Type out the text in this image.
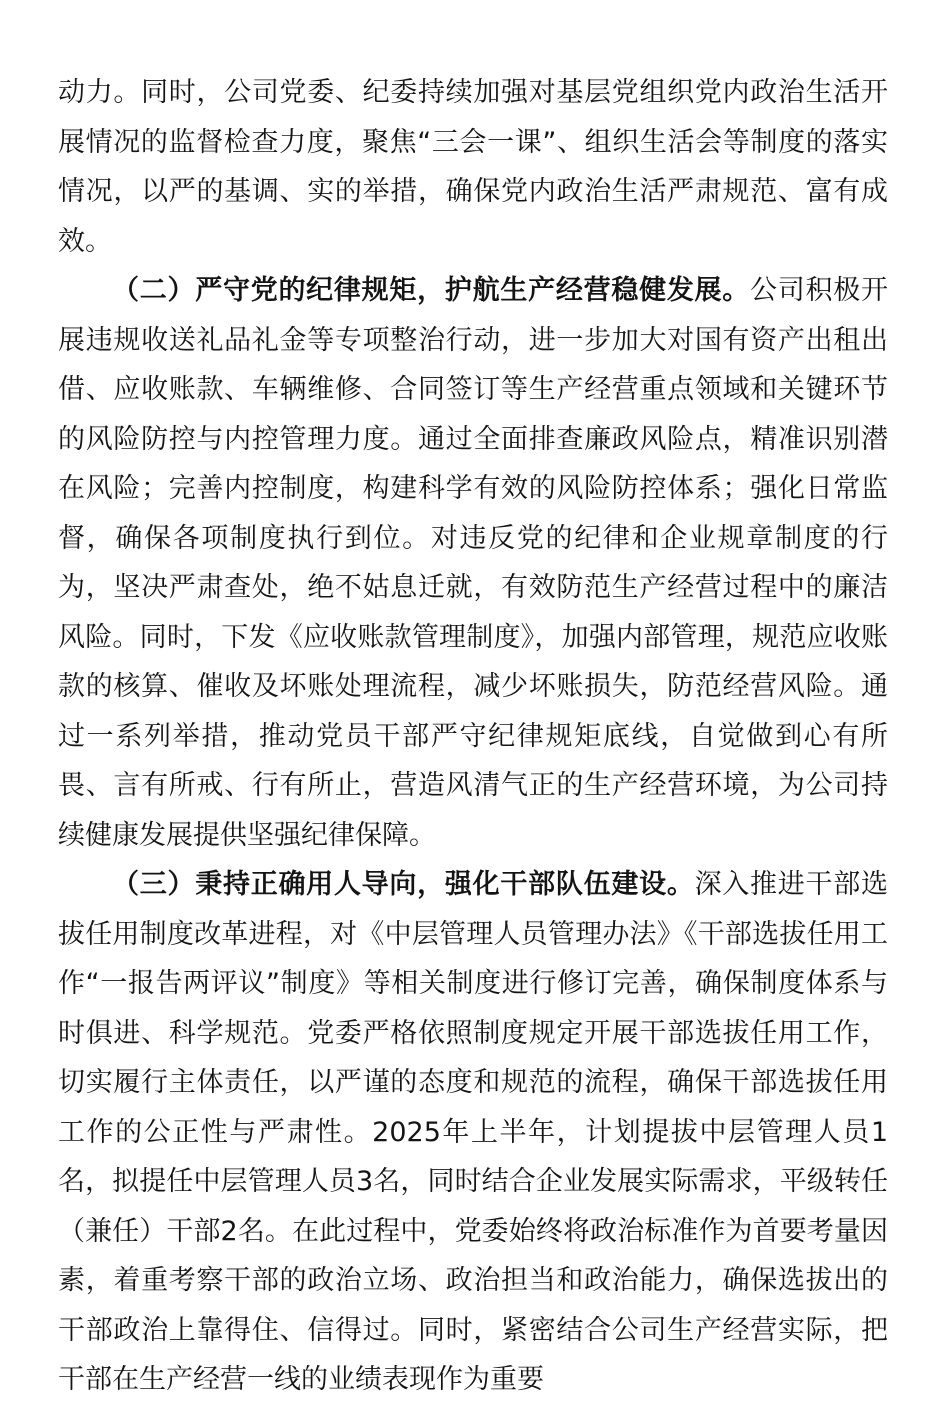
动力。同时，公司党委、纪委持续加强对基层党组织党内政治生活开展情况的监督检查力度，聚焦“三会一课”、组织生活会等制度的落实情况，以严的基调、实的举措，确保党内政治生活严肃规范、富有成效。

（二）严守党的纪律规矩，护航生产经营稳健发展。公司积极开展违规收送礼品礼金等专项整治行动，进一步加大对国有资产出租出借、应收账款、车辆维修、合同签订等生产经营重点领域和关键环节的风险防控与内控管理力度。通过全面排查廉政风险点，精准识别潜在风险；完善内控制度，构建科学有效的风险防控体系；强化日常监督，确保各项制度执行到位。对违反党的纪律和企业规章制度的行为，坚决严肃查处，绝不姑息迁就，有效防范生产经营过程中的廉洁风险。同时，下发《应收账款管理制度》，加强内部管理，规范应收账款的核算、催收及坏账处理流程，减少坏账损失，防范经营风险。通过一系列举措，推动党员干部严守纪律规矩底线，自觉做到心有所畏、言有所戒、行有所止，营造风清气正的生产经营环境，为公司持续健康发展提供坚强纪律保障。

（三）秉持正确用人导向，强化干部队伍建设。深入推进干部选拔任用制度改革进程，对《中层管理人员管理办法》《干部选拔任用工作“一报告两评议”制度》等相关制度进行修订完善，确保制度体系与时俱进、科学规范。党委严格依照制度规定开展干部选拔任用工作，切实履行主体责任，以严谨的态度和规范的流程，确保干部选拔任用工作的公正性与严肃性。2025年上半年，计划提拔中层管理人员1名，拟提任中层管理人员3名，同时结合企业发展实际需求，平级转任（兼任）干部2名。在此过程中，党委始终将政治标准作为首要考量因素，着重考察干部的政治立场、政治担当和政治能力，确保选拔出的干部政治上靠得住、信得过。同时，紧密结合公司生产经营实际，把干部在生产经营一线的业绩表现作为重要
